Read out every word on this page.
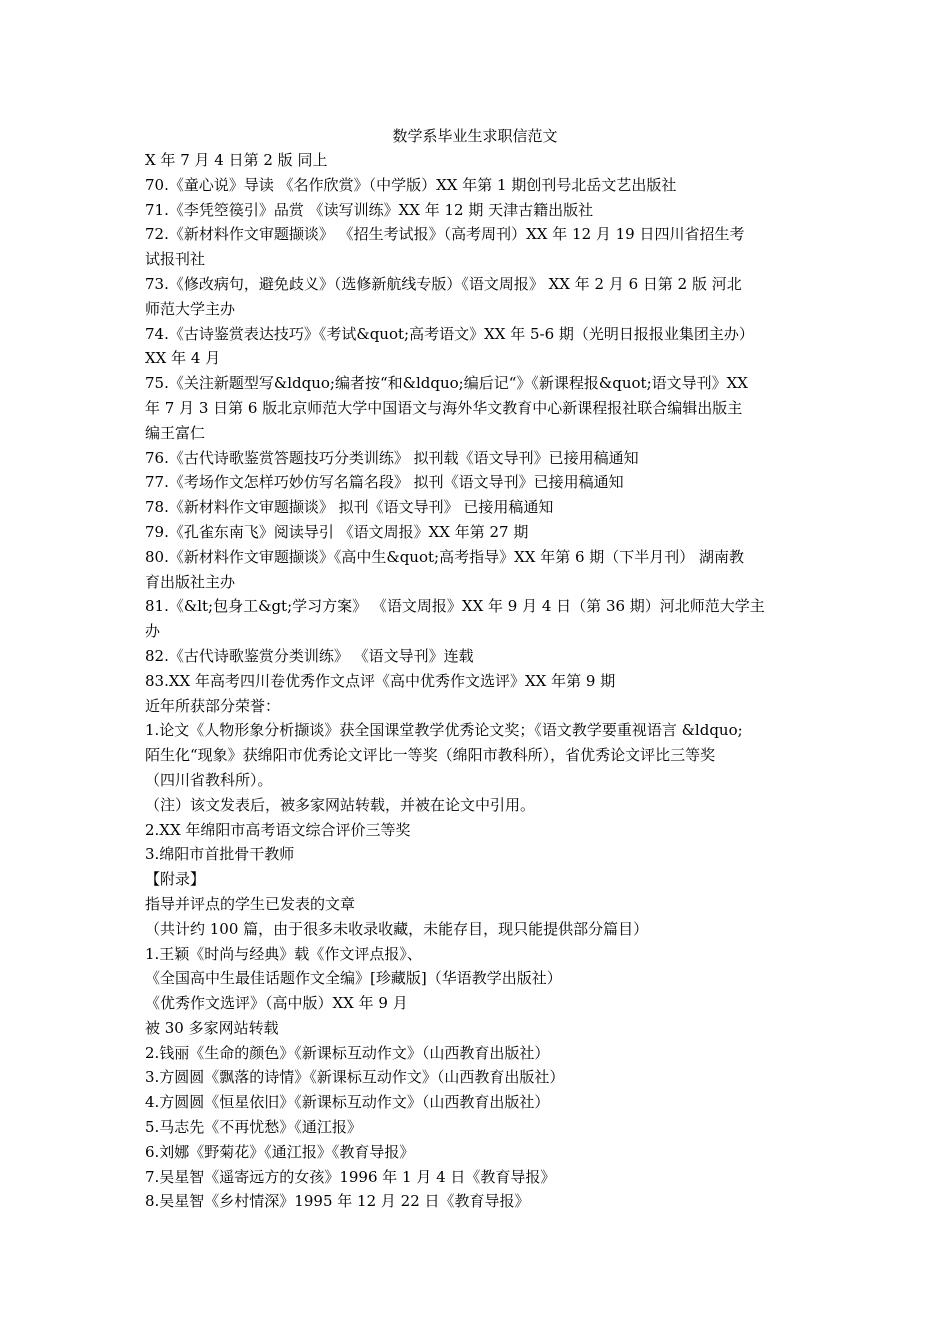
数学系毕业生求职信范文
X 年 7 月 4 日第 2 版 同上
70.《童心说》导读 《名作欣赏》（中学版）XX 年第 1 期创刊号北岳文艺出版社
71.《李凭箜篌引》品赏 《读写训练》XX 年 12 期 天津古籍出版社
72.《新材料作文审题撷谈》 《招生考试报》（高考周刊）XX 年 12 月 19 日四川省招生考
试报刊社
73.《修改病句，避免歧义》（选修新航线专版）《语文周报》 XX 年 2 月 6 日第 2 版 河北
师范大学主办
74.《古诗鉴赏表达技巧》《考试&quot;高考语文》XX 年 5-6 期（光明日报报业集团主办）
XX 年 4 月
75.《关注新题型写&ldquo;编者按“和&ldquo;编后记“》《新课程报&quot;语文导刊》XX
年 7 月 3 日第 6 版北京师范大学中国语文与海外华文教育中心新课程报社联合编辑出版主
编王富仁
76.《古代诗歌鉴赏答题技巧分类训练》 拟刊载《语文导刊》已接用稿通知
77.《考场作文怎样巧妙仿写名篇名段》 拟刊《语文导刊》已接用稿通知
78.《新材料作文审题撷谈》 拟刊《语文导刊》 已接用稿通知
79.《孔雀东南飞》阅读导引 《语文周报》XX 年第 27 期
80.《新材料作文审题撷谈》《高中生&quot;高考指导》XX 年第 6 期（下半月刊） 湖南教
育出版社主办
81.《&lt;包身工&gt;学习方案》 《语文周报》XX 年 9 月 4 日（第 36 期）河北师范大学主
办
82.《古代诗歌鉴赏分类训练》 《语文导刊》连载
83.XX 年高考四川卷优秀作文点评《高中优秀作文选评》XX 年第 9 期
近年所获部分荣誉：
1.论文《人物形象分析撷谈》获全国课堂教学优秀论文奖；《语文教学要重视语言 &ldquo;
陌生化“现象》获绵阳市优秀论文评比一等奖（绵阳市教科所），省优秀论文评比三等奖
（四川省教科所）。
（注）该文发表后，被多家网站转载，并被在论文中引用。
2.XX 年绵阳市高考语文综合评价三等奖
3.绵阳市首批骨干教师
【附录】
指导并评点的学生已发表的文章
（共计约 100 篇，由于很多未收录收藏，未能存目，现只能提供部分篇目）
1.王颖《时尚与经典》载《作文评点报》、
《全国高中生最佳话题作文全编》[珍藏版]（华语教学出版社）
《优秀作文选评》（高中版）XX 年 9 月
被 30 多家网站转载
2.钱丽《生命的颜色》《新课标互动作文》（山西教育出版社）
3.方圆圆《飘落的诗情》《新课标互动作文》（山西教育出版社）
4.方圆圆《恒星依旧》《新课标互动作文》（山西教育出版社）
5.马志先《不再忧愁》《通江报》
6.刘娜《野菊花》《通江报》《教育导报》
7.吴星智《遥寄远方的女孩》1996 年 1 月 4 日《教育导报》
8.吴星智《乡村情深》1995 年 12 月 22 日《教育导报》
